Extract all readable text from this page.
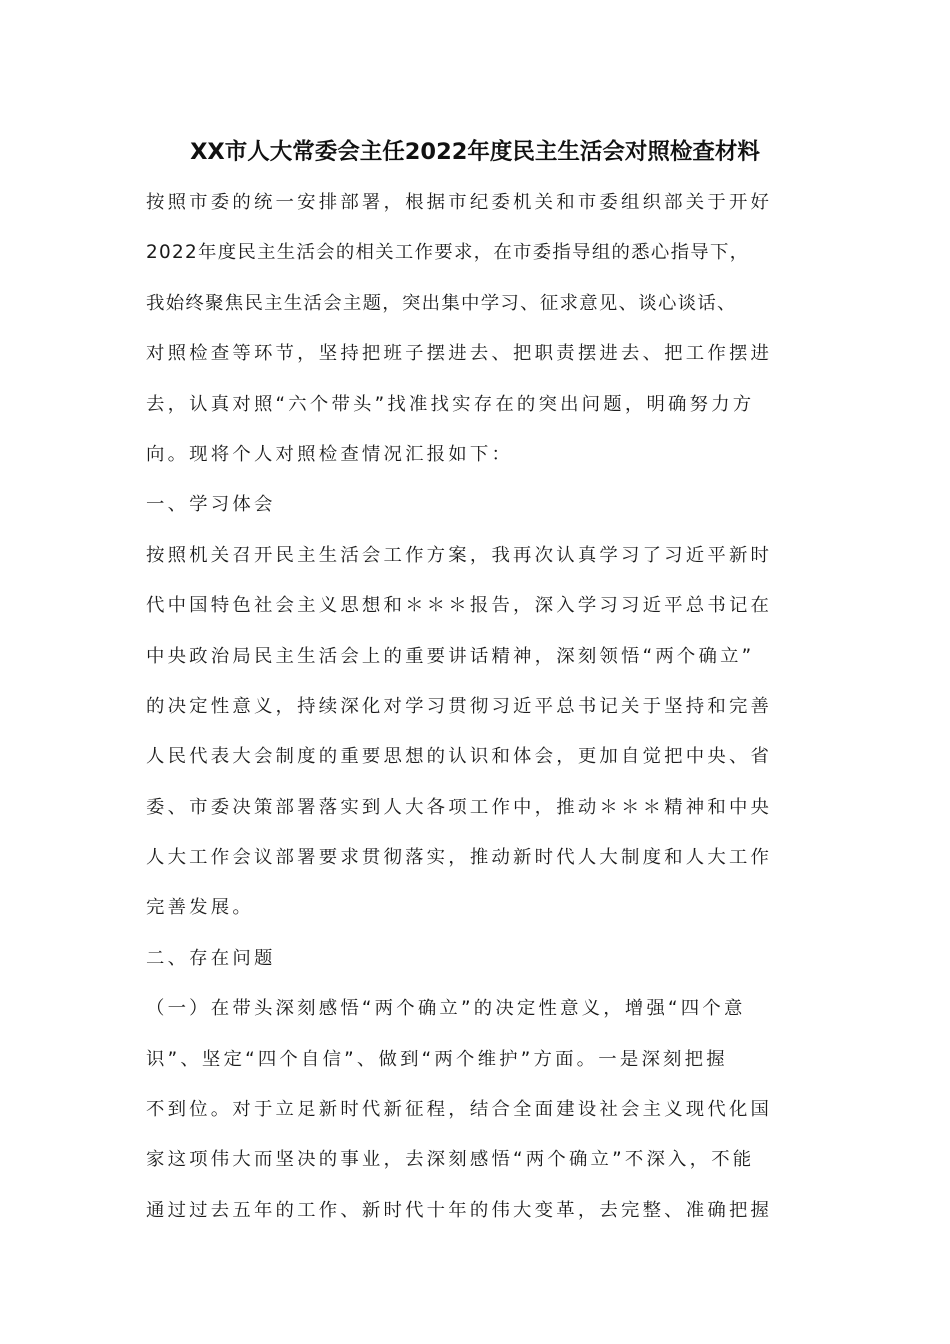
XX市人大常委会主任2022年度民主生活会对照检查材料
按照市委的统一安排部署，根据市纪委机关和市委组织部关于开好
2022年度民主生活会的相关工作要求，在市委指导组的悉心指导下，
我始终聚焦民主生活会主题，突出集中学习、征求意见、谈心谈话、
对照检查等环节，坚持把班子摆进去、把职责摆进去、把工作摆进
去，认真对照“六个带头”找准找实存在的突出问题，明确努力方
向。现将个人对照检查情况汇报如下：
一、学习体会
按照机关召开民主生活会工作方案，我再次认真学习了习近平新时
代中国特色社会主义思想和＊＊＊报告，深入学习习近平总书记在
中央政治局民主生活会上的重要讲话精神，深刻领悟“两个确立”
的决定性意义，持续深化对学习贯彻习近平总书记关于坚持和完善
人民代表大会制度的重要思想的认识和体会，更加自觉把中央、省
委、市委决策部署落实到人大各项工作中，推动＊＊＊精神和中央
人大工作会议部署要求贯彻落实，推动新时代人大制度和人大工作
完善发展。
二、存在问题
（一）在带头深刻感悟“两个确立”的决定性意义，增强“四个意
识”、坚定“四个自信”、做到“两个维护”方面。一是深刻把握
不到位。对于立足新时代新征程，结合全面建设社会主义现代化国
家这项伟大而坚决的事业，去深刻感悟“两个确立”不深入，不能
通过过去五年的工作、新时代十年的伟大变革，去完整、准确把握
